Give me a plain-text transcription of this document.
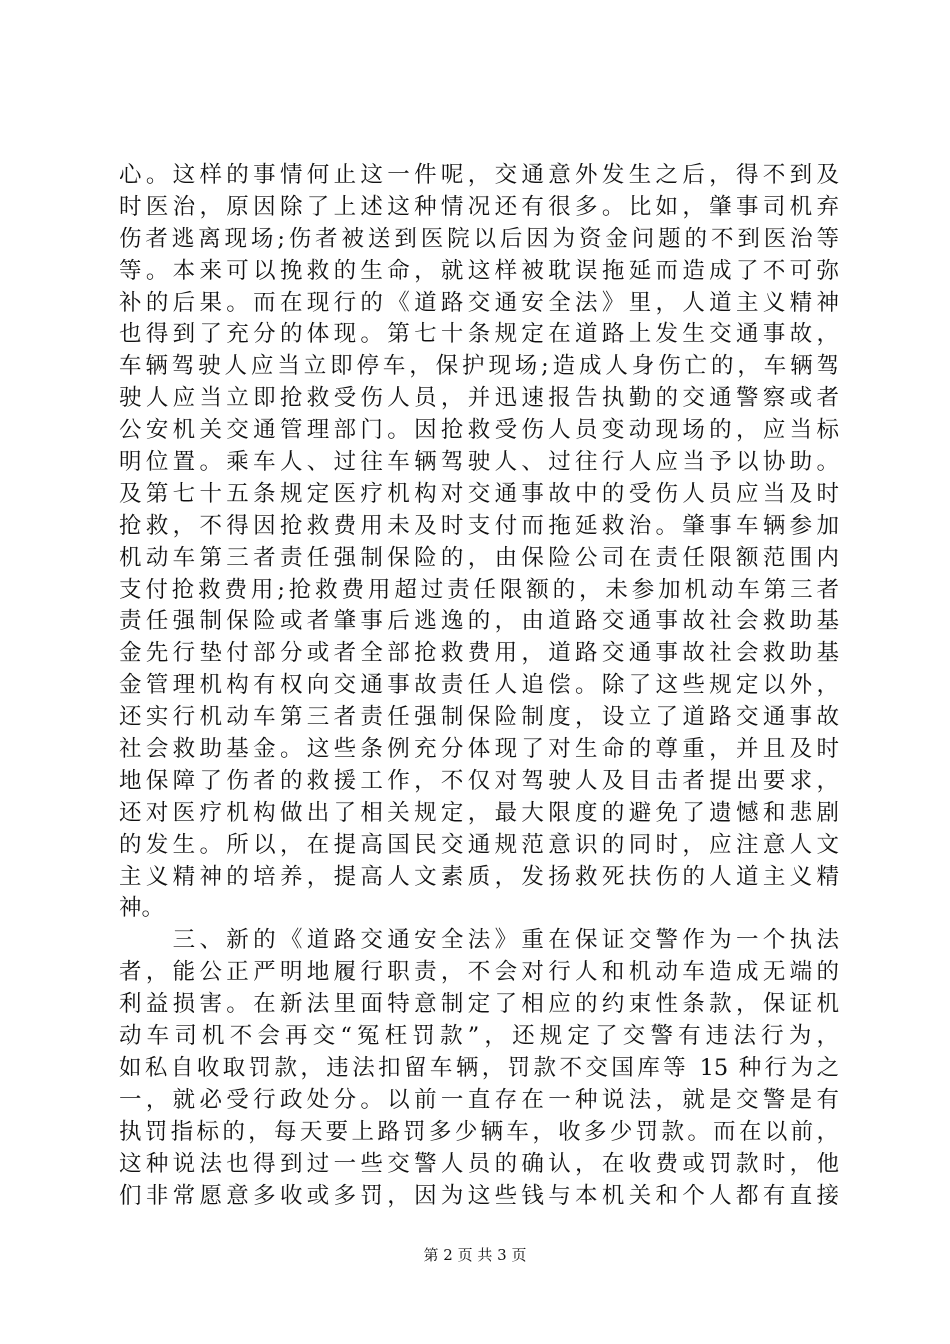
心。这样的事情何止这一件呢，交通意外发生之后，得不到及
时医治，原因除了上述这种情况还有很多。比如，肇事司机弃
伤者逃离现场;伤者被送到医院以后因为资金问题的不到医治等
等。本来可以挽救的生命，就这样被耽误拖延而造成了不可弥
补的后果。而在现行的《道路交通安全法》里，人道主义精神
也得到了充分的体现。第七十条规定在道路上发生交通事故，
车辆驾驶人应当立即停车，保护现场;造成人身伤亡的，车辆驾
驶人应当立即抢救受伤人员，并迅速报告执勤的交通警察或者
公安机关交通管理部门。因抢救受伤人员变动现场的，应当标
明位置。乘车人、过往车辆驾驶人、过往行人应当予以协助。
及第七十五条规定医疗机构对交通事故中的受伤人员应当及时
抢救，不得因抢救费用未及时支付而拖延救治。肇事车辆参加
机动车第三者责任强制保险的，由保险公司在责任限额范围内
支付抢救费用;抢救费用超过责任限额的，未参加机动车第三者
责任强制保险或者肇事后逃逸的，由道路交通事故社会救助基
金先行垫付部分或者全部抢救费用，道路交通事故社会救助基
金管理机构有权向交通事故责任人追偿。除了这些规定以外，
还实行机动车第三者责任强制保险制度，设立了道路交通事故
社会救助基金。这些条例充分体现了对生命的尊重，并且及时
地保障了伤者的救援工作，不仅对驾驶人及目击者提出要求，
还对医疗机构做出了相关规定，最大限度的避免了遗憾和悲剧
的发生。所以，在提高国民交通规范意识的同时，应注意人文
主义精神的培养，提高人文素质，发扬救死扶伤的人道主义精
神。
　　三、新的《道路交通安全法》重在保证交警作为一个执法
者，能公正严明地履行职责，不会对行人和机动车造成无端的
利益损害。在新法里面特意制定了相应的约束性条款，保证机
动车司机不会再交“冤枉罚款”，还规定了交警有违法行为，
如私自收取罚款，违法扣留车辆，罚款不交国库等 15 种行为之
一，就必受行政处分。以前一直存在一种说法，就是交警是有
执罚指标的，每天要上路罚多少辆车，收多少罚款。而在以前，
这种说法也得到过一些交警人员的确认，在收费或罚款时，他
们非常愿意多收或多罚，因为这些钱与本机关和个人都有直接
第 2 页 共 3 页
